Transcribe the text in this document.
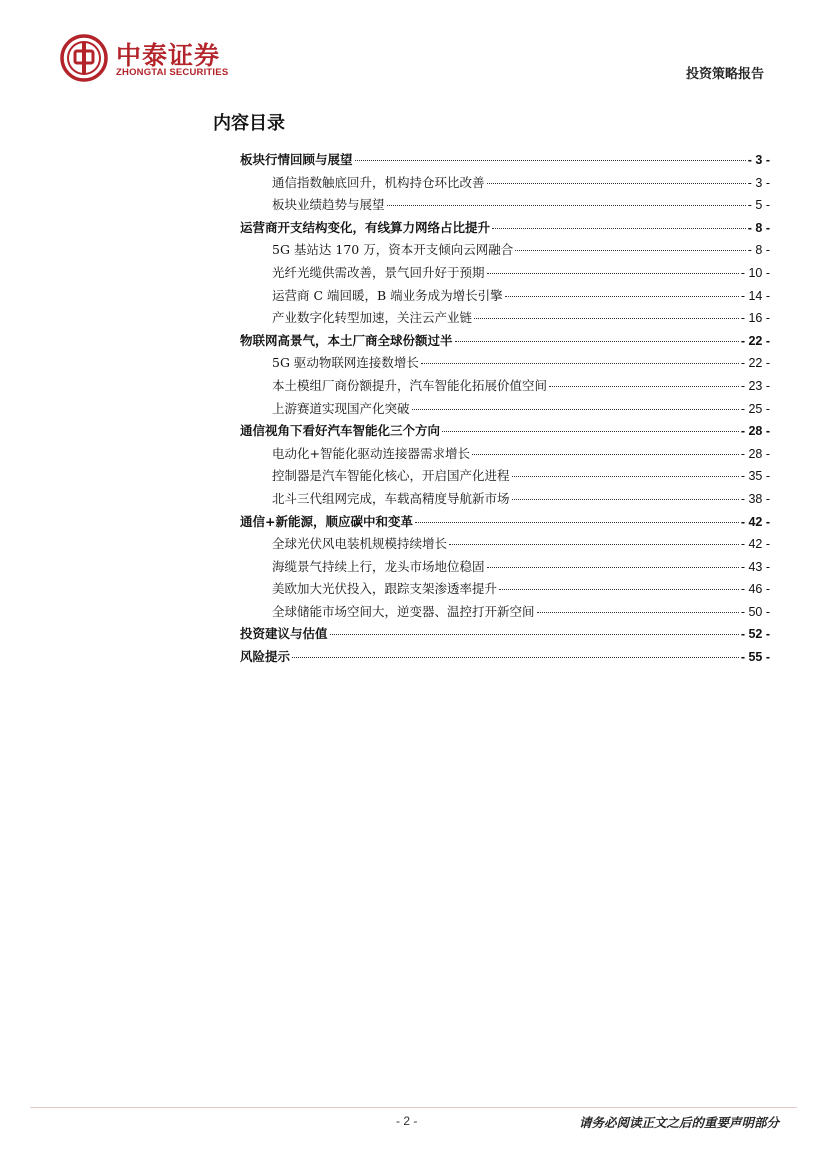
中泰证券
ZHONGTAI SECURITIES	投资策略报告
内容目录
板块行情回顾与展望	- 3 -
通信指数触底回升，机构持仓环比改善	- 3 -
板块业绩趋势与展望	- 5 -
运营商开支结构变化，有线算力网络占比提升	- 8 -
5G 基站达 170 万，资本开支倾向云网融合	- 8 -
光纤光缆供需改善，景气回升好于预期	- 10 -
运营商 C 端回暖，B 端业务成为增长引擎	- 14 -
产业数字化转型加速，关注云产业链	- 16 -
物联网高景气，本土厂商全球份额过半	- 22 -
5G 驱动物联网连接数增长	- 22 -
本土模组厂商份额提升，汽车智能化拓展价值空间	- 23 -
上游赛道实现国产化突破	- 25 -
通信视角下看好汽车智能化三个方向	- 28 -
电动化+智能化驱动连接器需求增长	- 28 -
控制器是汽车智能化核心，开启国产化进程	- 35 -
北斗三代组网完成，车载高精度导航新市场	- 38 -
通信+新能源，顺应碳中和变革	- 42 -
全球光伏风电装机规模持续增长	- 42 -
海缆景气持续上行，龙头市场地位稳固	- 43 -
美欧加大光伏投入，跟踪支架渗透率提升	- 46 -
全球储能市场空间大，逆变器、温控打开新空间	- 50 -
投资建议与估值	- 52 -
风险提示	- 55 -
- 2 -	请务必阅读正文之后的重要声明部分
